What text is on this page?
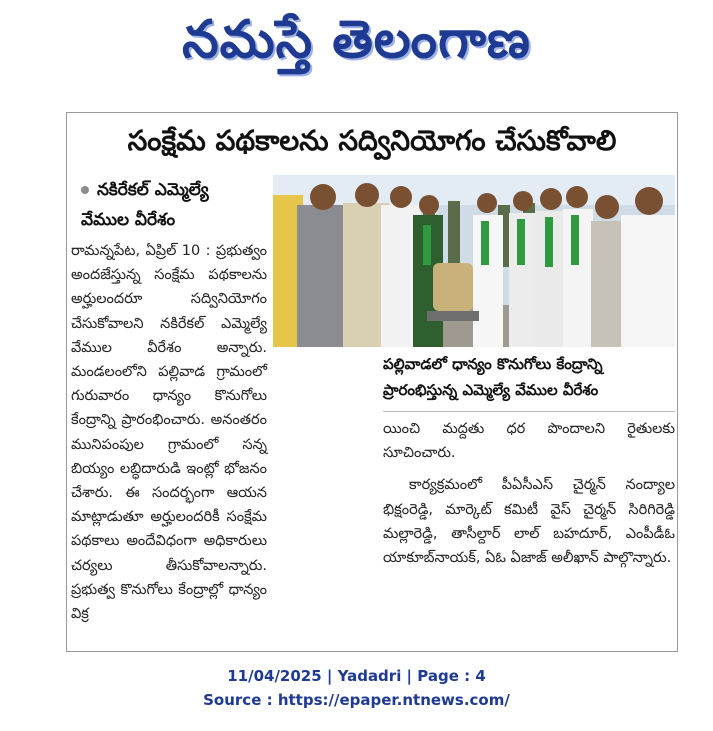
నమస్తే తెలంగాణ
సంక్షేమ పథకాలను సద్వినియోగం చేసుకోవాలి
నకిరేకల్ ఎమ్మెల్యే
వేముల వీరేశం

రామన్నపేట, ఏప్రిల్ 10 : ప్రభుత్వం అందజేస్తున్న సంక్షేమ పథకాలను అర్హులందరూ సద్వినియోగం చేసుకోవాలని నకిరేకల్ ఎమ్మెల్యే వేముల వీరేశం అన్నారు. మండలంలోని పల్లివాడ గ్రామంలో గురువారం ధాన్యం కొనుగోలు కేంద్రాన్ని ప్రారంభించారు. అనంతరం మునిపంపుల గ్రామంలో సన్న బియ్యం లబ్ధిదారుడి ఇంట్లో భోజనం చేశారు. ఈ సందర్భంగా ఆయన మాట్లాడుతూ అర్హులందరికీ సంక్షేమ పథకాలు అందేవిధంగా అధికారులు చర్యలు తీసుకోవాలన్నారు. ప్రభుత్వ కొనుగోలు కేంద్రాల్లో ధాన్యం విక్ర

పల్లివాడలో ధాన్యం కొనుగోలు కేంద్రాన్ని ప్రారంభిస్తున్న ఎమ్మెల్యే వేముల వీరేశం

యించి మద్దతు ధర పొందాలని రైతులకు సూచించారు.

కార్యక్రమంలో పీఏసీఎస్ చైర్మన్ నంద్యాల భిక్షంరెడ్డి, మార్కెట్ కమిటీ వైస్ చైర్మన్ సిరిగిరెడ్డి మల్లారెడ్డి, తాసీల్దార్ లాల్ బహదూర్, ఎంపీడీఓ యాకూబ్‌నాయక్, ఏఓ ఏజాజ్ అలీఖాన్ పాల్గొన్నారు.

11/04/2025 | Yadadri | Page : 4
Source : https://epaper.ntnews.com/
